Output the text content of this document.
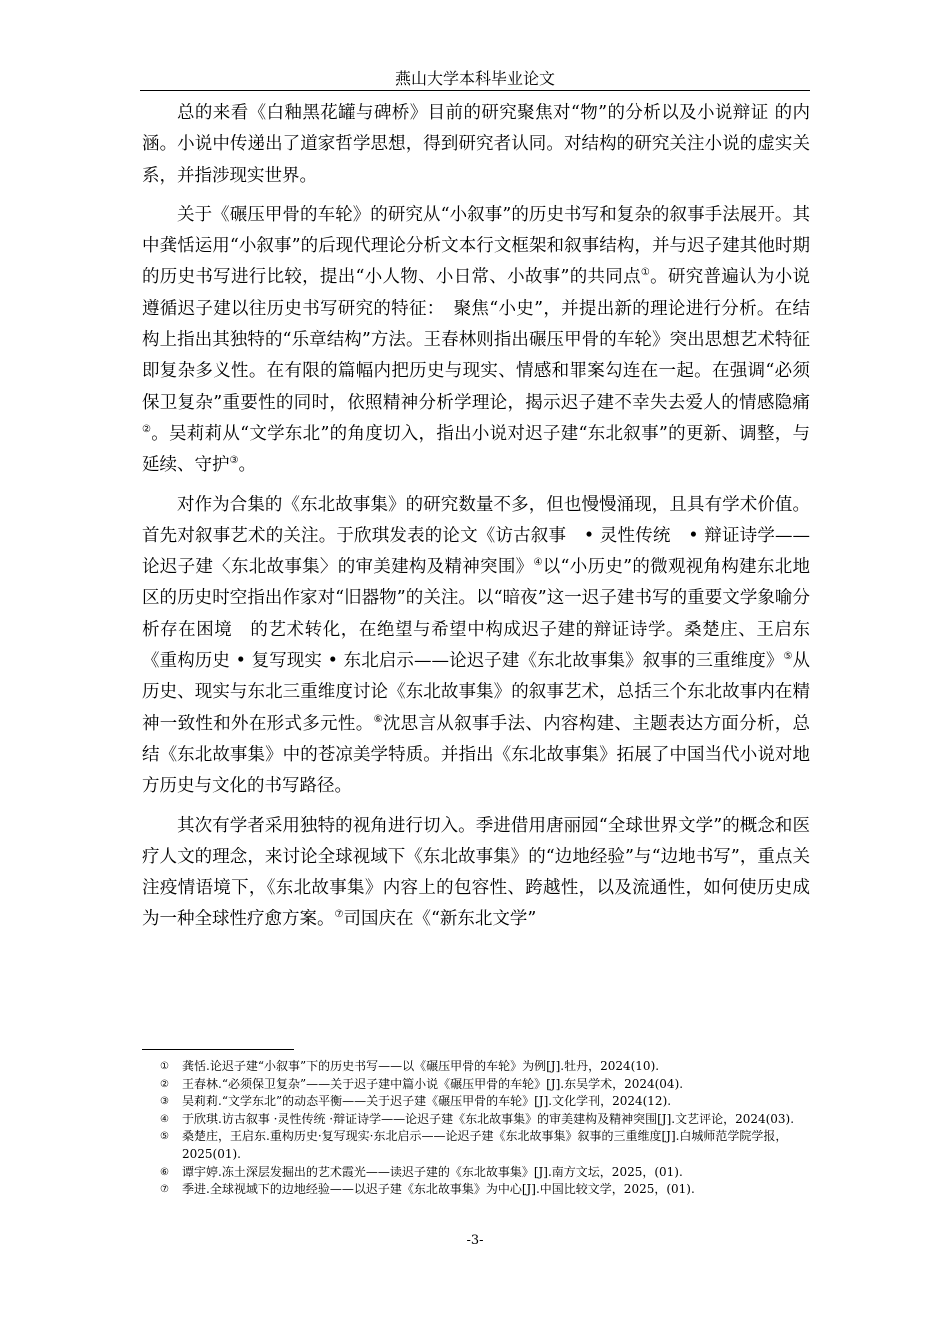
燕山大学本科毕业论文

总的来看《白釉黑花罐与碑桥》目前的研究聚焦对“物”的分析以及小说辩证 的内涵。小说中传递出了道家哲学思想，得到研究者认同。对结构的研究关注小说的虚实关系，并指涉现实世界。

关于《碾压甲骨的车轮》的研究从“小叙事”的历史书写和复杂的叙事手法展开。其中龚恬运用“小叙事”的后现代理论分析文本行文框架和叙事结构，并与迟子建其他时期的历史书写进行比较，提出“小人物、小日常、小故事”的共同点①。研究普遍认为小说遵循迟子建以往历史书写研究的特征：　聚焦“小史”，并提出新的理论进行分析。在结构上指出其独特的“乐章结构”方法。王春林则指出碾压甲骨的车轮》突出思想艺术特征即复杂多义性。在有限的篇幅内把历史与现实、情感和罪案勾连在一起。在强调“必须保卫复杂”重要性的同时，依照精神分析学理论，揭示迟子建不幸失去爱人的情感隐痛②。吴莉莉从“文学东北”的角度切入，指出小说对迟子建“东北叙事”的更新、调整，与延续、守护③。

对作为合集的《东北故事集》的研究数量不多，但也慢慢涌现，且具有学术价值。首先对叙事艺术的关注。于欣琪发表的论文《访古叙事　• 灵性传统　• 辩证诗学——论迟子建〈东北故事集〉的审美建构及精神突围》④以“小历史”的微观视角构建东北地区的历史时空指出作家对“旧器物”的关注。以“暗夜”这一迟子建书写的重要文学象喻分析存在困境　的艺术转化，在绝望与希望中构成迟子建的辩证诗学。桑楚庄、王启东《重构历史 • 复写现实 • 东北启示——论迟子建《东北故事集》叙事的三重维度》⑤从历史、现实与东北三重维度讨论《东北故事集》的叙事艺术，总括三个东北故事内在精神一致性和外在形式多元性。⑥沈思言从叙事手法、内容构建、主题表达方面分析，总结《东北故事集》中的苍凉美学特质。并指出《东北故事集》拓展了中国当代小说对地方历史与文化的书写路径。

其次有学者采用独特的视角进行切入。季进借用唐丽园“全球世界文学”的概念和医疗人文的理念，来讨论全球视域下《东北故事集》的“边地经验”与“边地书写”，重点关注疫情语境下，《东北故事集》内容上的包容性、跨越性，以及流通性，如何使历史成为一种全球性疗愈方案。⑦司国庆在《“新东北文学”

① 龚恬.论迟子建“小叙事”下的历史书写——以《碾压甲骨的车轮》为例[J].牡丹，2024(10).
② 王春林.“必须保卫复杂”——关于迟子建中篇小说《碾压甲骨的车轮》[J].东吴学术，2024(04).
③ 吴莉莉.“文学东北”的动态平衡——关于迟子建《碾压甲骨的车轮》[J].文化学刊，2024(12).
④ 于欣琪.访古叙事 ·灵性传统 ·辩证诗学——论迟子建《东北故事集》的审美建构及精神突围[J].文艺评论，2024(03).
⑤ 桑楚庄，王启东.重构历史·复写现实·东北启示——论迟子建《东北故事集》叙事的三重维度[J].白城师范学院学报，2025(01).
⑥ 谭宇婷.冻土深层发掘出的艺术霞光——读迟子建的《东北故事集》[J].南方文坛，2025，(01).
⑦ 季进.全球视域下的边地经验——以迟子建《东北故事集》为中心[J].中国比较文学，2025，(01).
-3-
